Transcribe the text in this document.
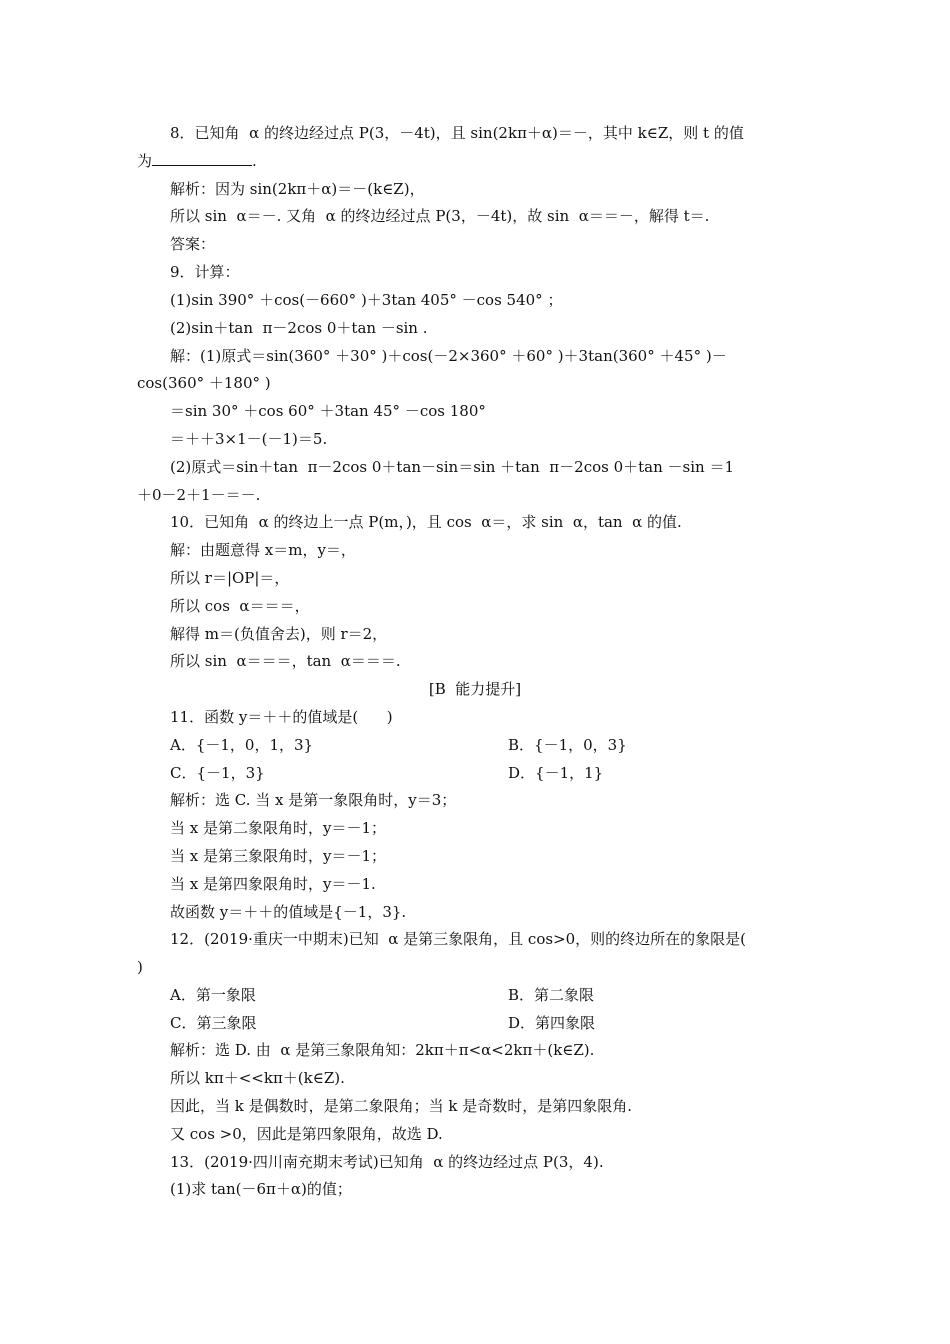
8．已知角  α 的终边经过点 P(3，－4t)，且 sin(2kπ＋α)＝－，其中 k∈Z，则 t 的值
为	.
解析：因为 sin(2kπ＋α)＝－(k∈Z)，
所以 sin  α＝－. 又角  α 的终边经过点 P(3，－4t)，故 sin  α＝＝－，解得 t＝.
答案：
9．计算：
(1)sin 390° ＋cos(－660° )＋3tan 405° －cos 540° ；
(2)sin＋tan  π－2cos 0＋tan －sin .
解：(1)原式＝sin(360° ＋30° )＋cos(－2×360° ＋60° )＋3tan(360° ＋45° )－
cos(360° ＋180° )
＝sin 30° ＋cos 60° ＋3tan 45° －cos 180°
＝＋＋3×1－(－1)＝5.
(2)原式＝sin＋tan  π－2cos 0＋tan－sin＝sin ＋tan  π－2cos 0＋tan －sin ＝1
＋0－2＋1－＝－.
10．已知角  α 的终边上一点 P(m，)，且 cos  α＝，求 sin  α，tan  α 的值.
解：由题意得 x＝m，y＝，
所以 r＝|OP|＝，
所以 cos  α＝＝＝，
解得 m＝(负值舍去)，则 r＝2，
所以 sin  α＝＝＝，tan  α＝＝＝.
[B  能力提升]
11．函数 y＝＋＋的值域是(      )
A．{－1，0，1，3}	B．{－1，0，3}
C．{－1，3}	D．{－1，1}
解析：选 C. 当 x 是第一象限角时，y＝3；
当 x 是第二象限角时，y＝－1；
当 x 是第三象限角时，y＝－1；
当 x 是第四象限角时，y＝－1.
故函数 y＝＋＋的值域是{－1，3}.
12．(2019·重庆一中期末)已知  α 是第三象限角，且 cos>0，则的终边所在的象限是(
)
A．第一象限	B．第二象限
C．第三象限	D．第四象限
解析：选 D. 由  α 是第三象限角知：2kπ＋π<α<2kπ＋(k∈Z).
所以 kπ＋<<kπ＋(k∈Z).
因此，当 k 是偶数时，是第二象限角；当 k 是奇数时，是第四象限角.
又 cos >0，因此是第四象限角，故选 D.
13．(2019·四川南充期末考试)已知角  α 的终边经过点 P(3，4).
(1)求 tan(－6π＋α)的值；
